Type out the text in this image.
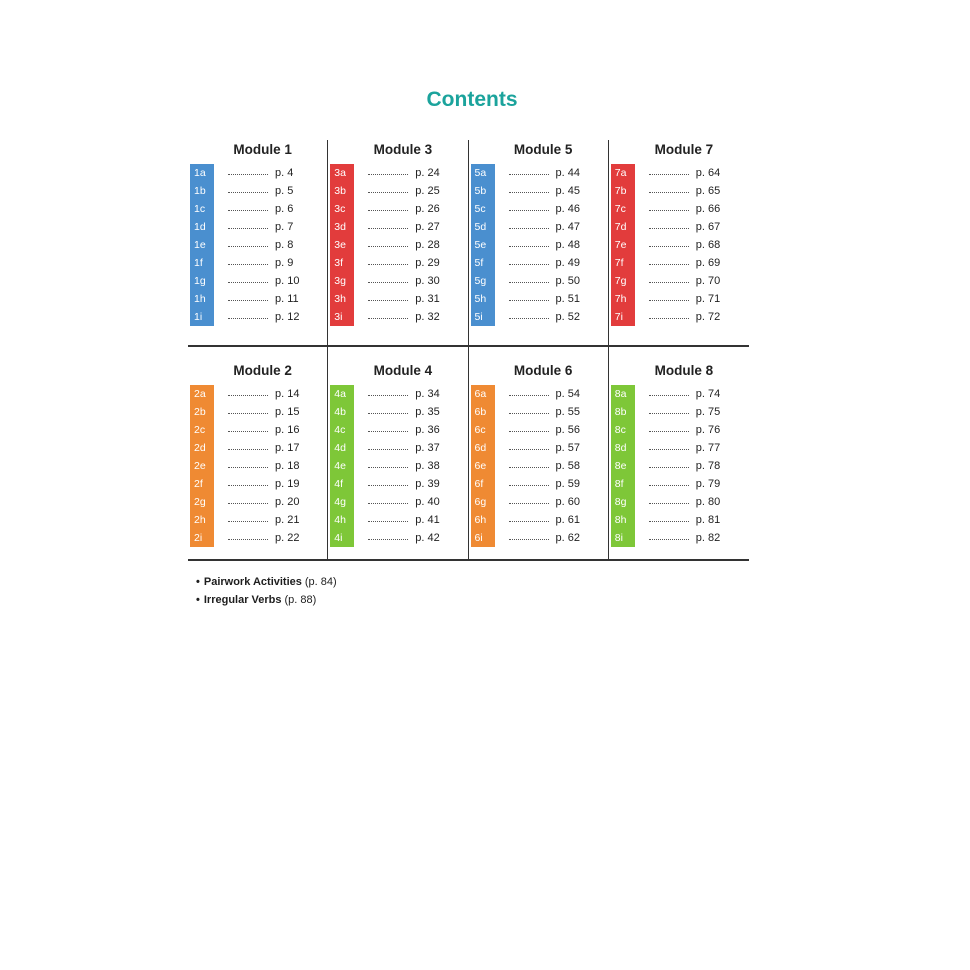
Contents
Module 1
1a	p. 4
1b	p. 5
1c	p. 6
1d	p. 7
1e	p. 8
1f	p. 9
1g	p. 10
1h	p. 11
1i	p. 12
Module 3
3a	p. 24
3b	p. 25
3c	p. 26
3d	p. 27
3e	p. 28
3f	p. 29
3g	p. 30
3h	p. 31
3i	p. 32
Module 5
5a	p. 44
5b	p. 45
5c	p. 46
5d	p. 47
5e	p. 48
5f	p. 49
5g	p. 50
5h	p. 51
5i	p. 52
Module 7
7a	p. 64
7b	p. 65
7c	p. 66
7d	p. 67
7e	p. 68
7f	p. 69
7g	p. 70
7h	p. 71
7i	p. 72
Module 2
2a	p. 14
2b	p. 15
2c	p. 16
2d	p. 17
2e	p. 18
2f	p. 19
2g	p. 20
2h	p. 21
2i	p. 22
Module 4
4a	p. 34
4b	p. 35
4c	p. 36
4d	p. 37
4e	p. 38
4f	p. 39
4g	p. 40
4h	p. 41
4i	p. 42
Module 6
6a	p. 54
6b	p. 55
6c	p. 56
6d	p. 57
6e	p. 58
6f	p. 59
6g	p. 60
6h	p. 61
6i	p. 62
Module 8
8a	p. 74
8b	p. 75
8c	p. 76
8d	p. 77
8e	p. 78
8f	p. 79
8g	p. 80
8h	p. 81
8i	p. 82
• Pairwork Activities (p. 84)
• Irregular Verbs (p. 88)
